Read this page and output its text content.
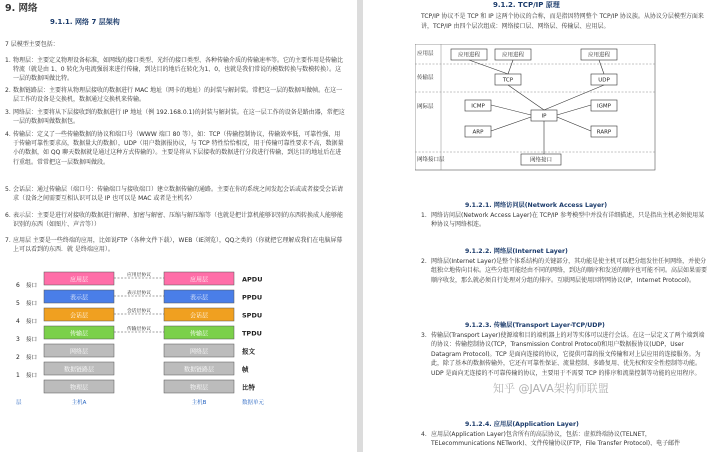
9. 网络
9.1.1. 网络 7 层架构
7 层模型主要包括：
1. 物理层：主要定义物理设备标准，如网线的接口类型、光纤的接口类型、各种传输介质的传输速率等。它的主要作用是传输比特流（就是由 1、0 转化为电流强弱来进行传输，到达目的地后在转化为1、0，也就是我们常说的模数转换与数模转换）。这一层的数据叫做比特。
2. 数据链路层：主要将从物理层接收的数据进行 MAC 地址（网卡的地址）的封装与解封装。常把这一层的数据叫做帧。在这一层工作的设备是交换机，数据通过交换机来传输。
3. 网络层：主要将从下层接收到的数据进行 IP 地址（例 192.168.0.1)的封装与解封装。在这一层工作的设备是路由器，常把这一层的数据叫做数据包。
4. 传输层：定义了一些传输数据的协议和端口号（WWW 端口 80 等），如：TCP（传输控制协议，传输效率低，可靠性强，用于传输可靠性要求高，数据量大的数据），UDP（用户数据报协议，与 TCP 特性恰恰相反，用于传输可靠性要求不高，数据量小的数据，如 QQ 聊天数据就是通过这种方式传输的）。主要是将从下层接收的数据进行分段进行传输，到达目的地址后在进行重组。常常把这一层数据叫做段。
5. 会话层：通过传输层（端口号：传输端口与接收端口）建立数据传输的通路。主要在你的系统之间发起会话或或者接受会话请求（设备之间需要互相认识可以是 IP 也可以是 MAC 或者是主机名）
6. 表示层：主要是进行对接收的数据进行解释、加密与解密、压缩与解压缩等（也就是把计算机能够识别的东西转换成人能够能识别的东西（如图片、声音等））
7. 应用层 主要是一些终端的应用，比如说FTP（各种文件下载），WEB（IE浏览），QQ之类的（你就把它理解成我们在电脑屏幕上可以看到的东西．就 是终端应用）。
应用层	应用层	APDU
6 接口
应用层协议
表示层	表示层	PPDU
5 接口
表示层协议
会话层	会话层	SPDU
4 接口
会话层协议
传输层	传输层	TPDU
3 接口
传输层协议
网络层	网络层	报文
2 接口
数据链路层	数据链路层	帧
1 接口
物理层	物理层	比特
层	主机A	主机B	数据单元
9.1.2. TCP/IP 原理
TCP/IP 协议不是 TCP 和 IP 这两个协议的合称，而是指因特网整个 TCP/IP 协议族。从协议分层模型方面来讲，TCP/IP 由四个层次组成：网络接口层、网络层、传输层、应用层。
应用层
传输层
网际层
网络接口层
应用进程	应用进程	应用进程
TCP	UDP
ICMP	IGMP
IP
ARP	RARP
网络接口
9.1.2.1. 网络访问层(Network Access Layer)
1. 网络访问层(Network Access Layer)在 TCP/IP 参考模型中并没有详细描述，只是指出主机必须使用某种协议与网络相连。
9.1.2.2. 网络层(Internet Layer)
2. 网络层(Internet Layer)是整个体系结构的关键部分，其功能是使主机可以把分组发往任何网络，并使分组独立地传向目标。这些分组可能经由不同的网络，到达的顺序和发送的顺序也可能不同。高层如果需要顺序收发，那么就必须自行处理对分组的排序。互联网层使用因特网协议(IP，Internet Protocol)。
9.1.2.3. 传输层(Transport Layer-TCP/UDP)
3. 传输层(Transport Layer)使源端和目的端机器上的对等实体可以进行会话。在这一层定义了两个端到端的协议：传输控制协议(TCP，Transmission Control Protocol)和用户数据报协议(UDP，User Datagram Protocol)。TCP 是面向连接的协议，它提供可靠的报文传输和对上层应用的连接服务。为此，除了基本的数据传输外，它还有可靠性保证、流量控制、多路复用、优先权和安全性控制等功能。UDP 是面向无连接的不可靠传输的协议，主要用于不需要 TCP 的排序和流量控制等功能的应用程序。
9.1.2.4. 应用层(Application Layer)
4. 应用层(Application Layer)包含所有的高层协议，包括：虚拟终端协议(TELNET，TELecommunications NETwork)、文件传输协议(FTP，File Transfer Protocol)、电子邮件
知乎 @JAVA架构师联盟
